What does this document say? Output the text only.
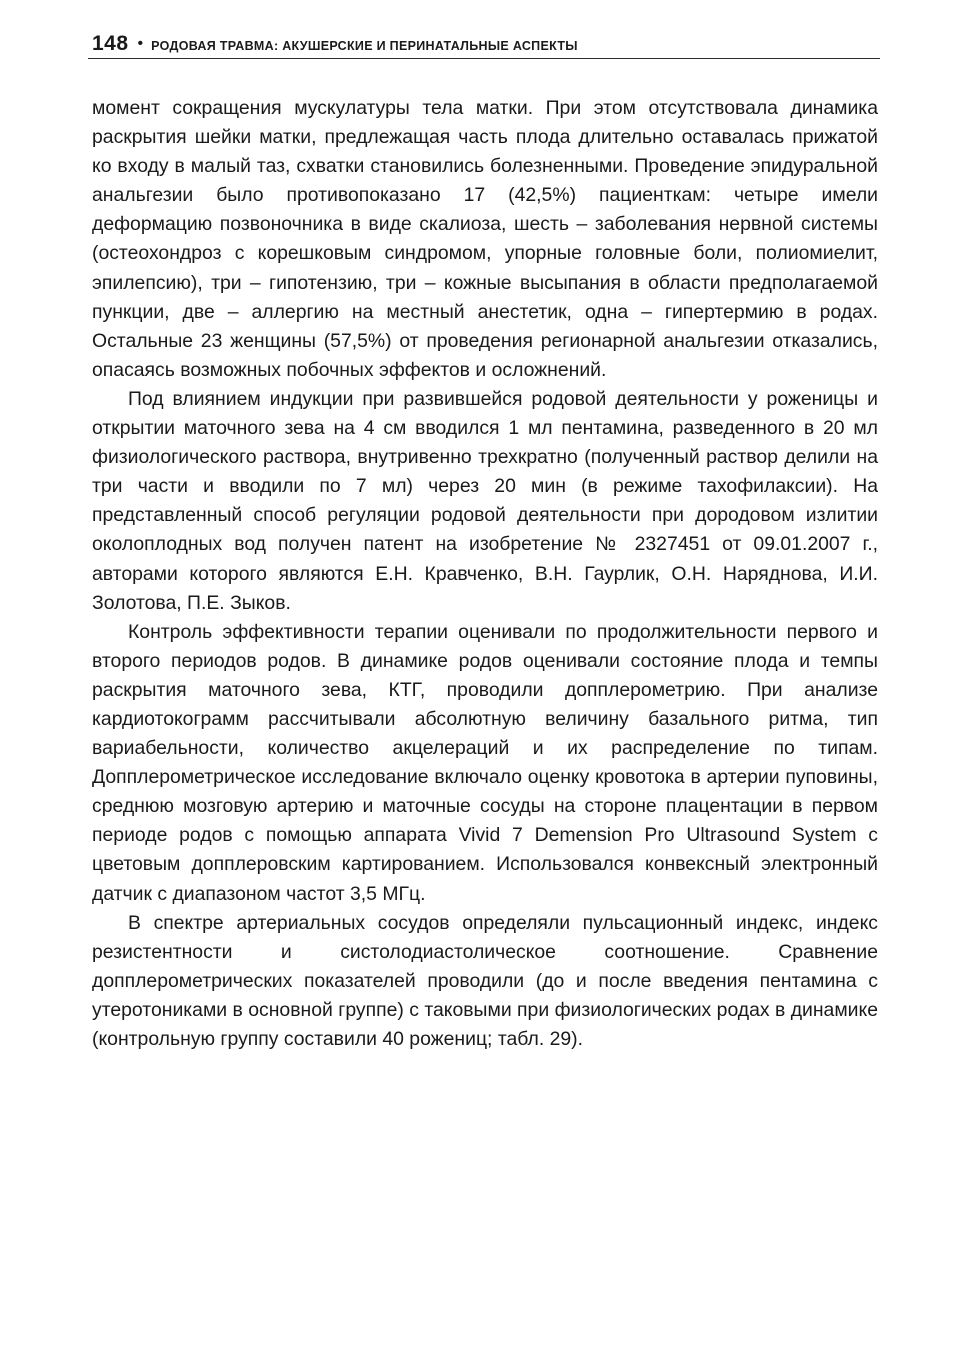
148 • РОДОВАЯ ТРАВМА: АКУШЕРСКИЕ И ПЕРИНАТАЛЬНЫЕ АСПЕКТЫ

момент сокращения мускулатуры тела матки. При этом отсутствовала динамика раскрытия шейки матки, предлежащая часть плода длительно оставалась прижатой ко входу в малый таз, схватки становились болезненными. Проведение эпидуральной анальгезии было противопоказано 17 (42,5%) пациенткам: четыре имели деформацию позвоночника в виде скалиоза, шесть – заболевания нервной системы (остеохондроз с корешковым синдромом, упорные головные боли, полиомиелит, эпилепсию), три – гипотензию, три – кожные высыпания в области предполагаемой пункции, две – аллергию на местный анестетик, одна – гипертермию в родах. Остальные 23 женщины (57,5%) от проведения регионарной анальгезии отказались, опасаясь возможных побочных эффектов и осложнений.

Под влиянием индукции при развившейся родовой деятельности у роженицы и открытии маточного зева на 4 см вводился 1 мл пентамина, разведенного в 20 мл физиологического раствора, внутривенно трехкратно (полученный раствор делили на три части и вводили по 7 мл) через 20 мин (в режиме тахофилаксии). На представленный способ регуляции родовой деятельности при дородовом излитии околоплодных вод получен патент на изобретение № 2327451 от 09.01.2007 г., авторами которого являются Е.Н. Кравченко, В.Н. Гаурлик, О.Н. Наряднова, И.И. Золотова, П.Е. Зыков.

Контроль эффективности терапии оценивали по продолжительности первого и второго периодов родов. В динамике родов оценивали состояние плода и темпы раскрытия маточного зева, КТГ, проводили допплерометрию. При анализе кардиотокограмм рассчитывали абсолютную величину базального ритма, тип вариабельности, количество акцелераций и их распределение по типам. Допплерометрическое исследование включало оценку кровотока в артерии пуповины, среднюю мозговую артерию и маточные сосуды на стороне плацентации в первом периоде родов с помощью аппарата Vivid 7 Demension Pro Ultrasound System с цветовым допплеровским картированием. Использовался конвексный электронный датчик с диапазоном частот 3,5 МГц.

В спектре артериальных сосудов определяли пульсационный индекс, индекс резистентности и систолодиастолическое соотношение. Сравнение допплерометрических показателей проводили (до и после введения пентамина с утеротониками в основной группе) с таковыми при физиологических родах в динамике (контрольную группу составили 40 рожениц; табл. 29).
